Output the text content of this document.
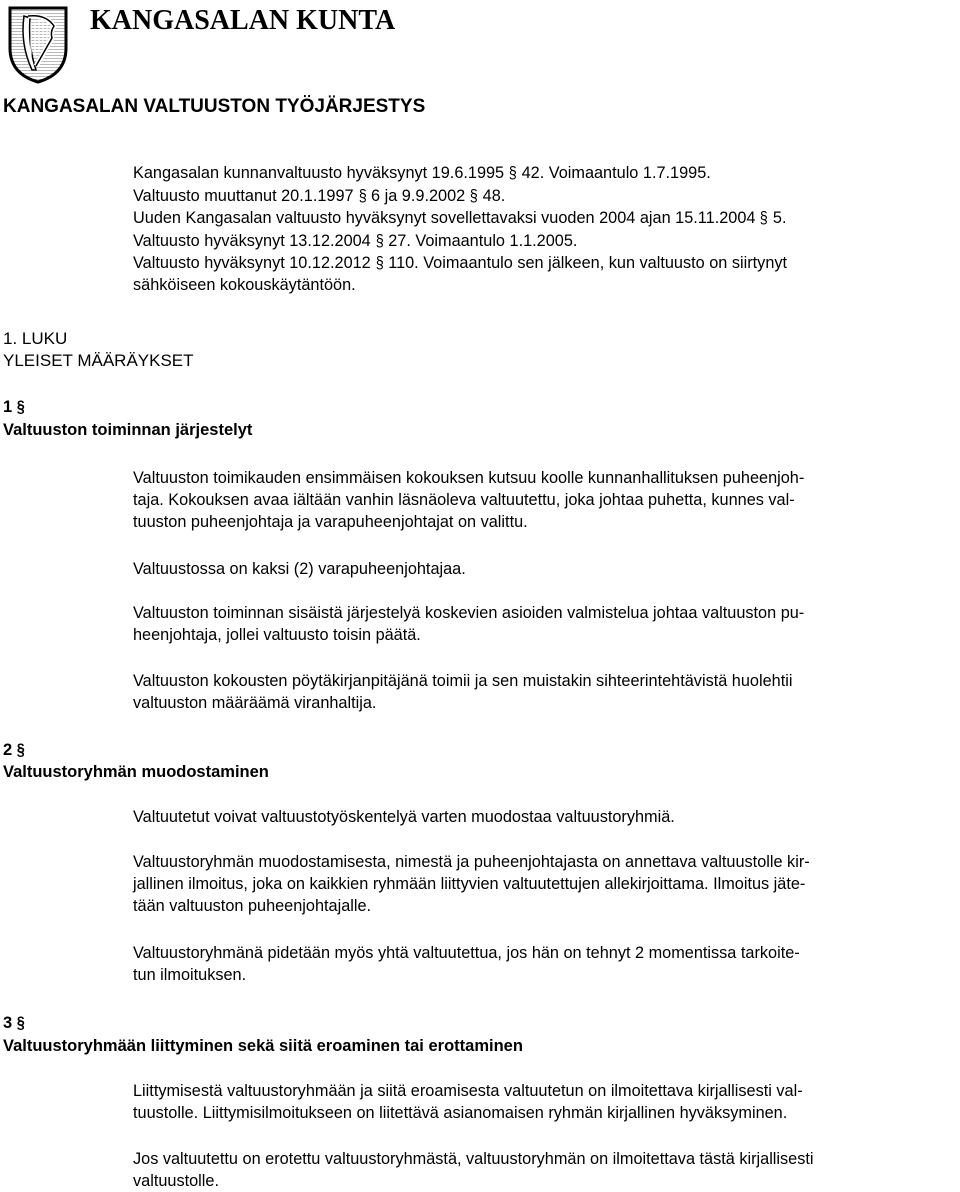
KANGASALAN KUNTA
KANGASALAN VALTUUSTON TYÖJÄRJESTYS
Kangasalan kunnanvaltuusto hyväksynyt 19.6.1995 § 42. Voimaantulo 1.7.1995.
Valtuusto muuttanut 20.1.1997 § 6 ja 9.9.2002 § 48.
Uuden Kangasalan valtuusto hyväksynyt sovellettavaksi vuoden 2004 ajan 15.11.2004 § 5.
Valtuusto hyväksynyt 13.12.2004 § 27. Voimaantulo 1.1.2005.
Valtuusto hyväksynyt 10.12.2012 § 110. Voimaantulo sen jälkeen, kun valtuusto on siirtynyt
sähköiseen kokouskäytäntöön.
1. LUKU
YLEISET MÄÄRÄYKSET
1 §
Valtuuston toiminnan järjestelyt
Valtuuston toimikauden ensimmäisen kokouksen kutsuu koolle kunnanhallituksen puheenjoh-
taja. Kokouksen avaa iältään vanhin läsnäoleva valtuutettu, joka johtaa puhetta, kunnes val-
tuuston puheenjohtaja ja varapuheenjohtajat on valittu.
Valtuustossa on kaksi (2) varapuheenjohtajaa.
Valtuuston toiminnan sisäistä järjestelyä koskevien asioiden valmistelua johtaa valtuuston pu-
heenjohtaja, jollei valtuusto toisin päätä.
Valtuuston kokousten pöytäkirjanpitäjänä toimii ja sen muistakin sihteerintehtävistä huolehtii
valtuuston määräämä viranhaltija.
2 §
Valtuustoryhmän muodostaminen
Valtuutetut voivat valtuustotyöskentelyä varten muodostaa valtuustoryhmiä.
Valtuustoryhmän muodostamisesta, nimestä ja puheenjohtajasta on annettava valtuustolle kir-
jallinen ilmoitus, joka on kaikkien ryhmään liittyvien valtuutettujen allekirjoittama. Ilmoitus jäte-
tään valtuuston puheenjohtajalle.
Valtuustoryhmänä pidetään myös yhtä valtuutettua, jos hän on tehnyt 2 momentissa tarkoite-
tun ilmoituksen.
3 §
Valtuustoryhmään liittyminen sekä siitä eroaminen tai erottaminen
Liittymisestä valtuustoryhmään ja siitä eroamisesta valtuutetun on ilmoitettava kirjallisesti val-
tuustolle. Liittymisilmoitukseen on liitettävä asianomaisen ryhmän kirjallinen hyväksyminen.
Jos valtuutettu on erotettu valtuustoryhmästä, valtuustoryhmän on ilmoitettava tästä kirjallisesti
valtuustolle.
